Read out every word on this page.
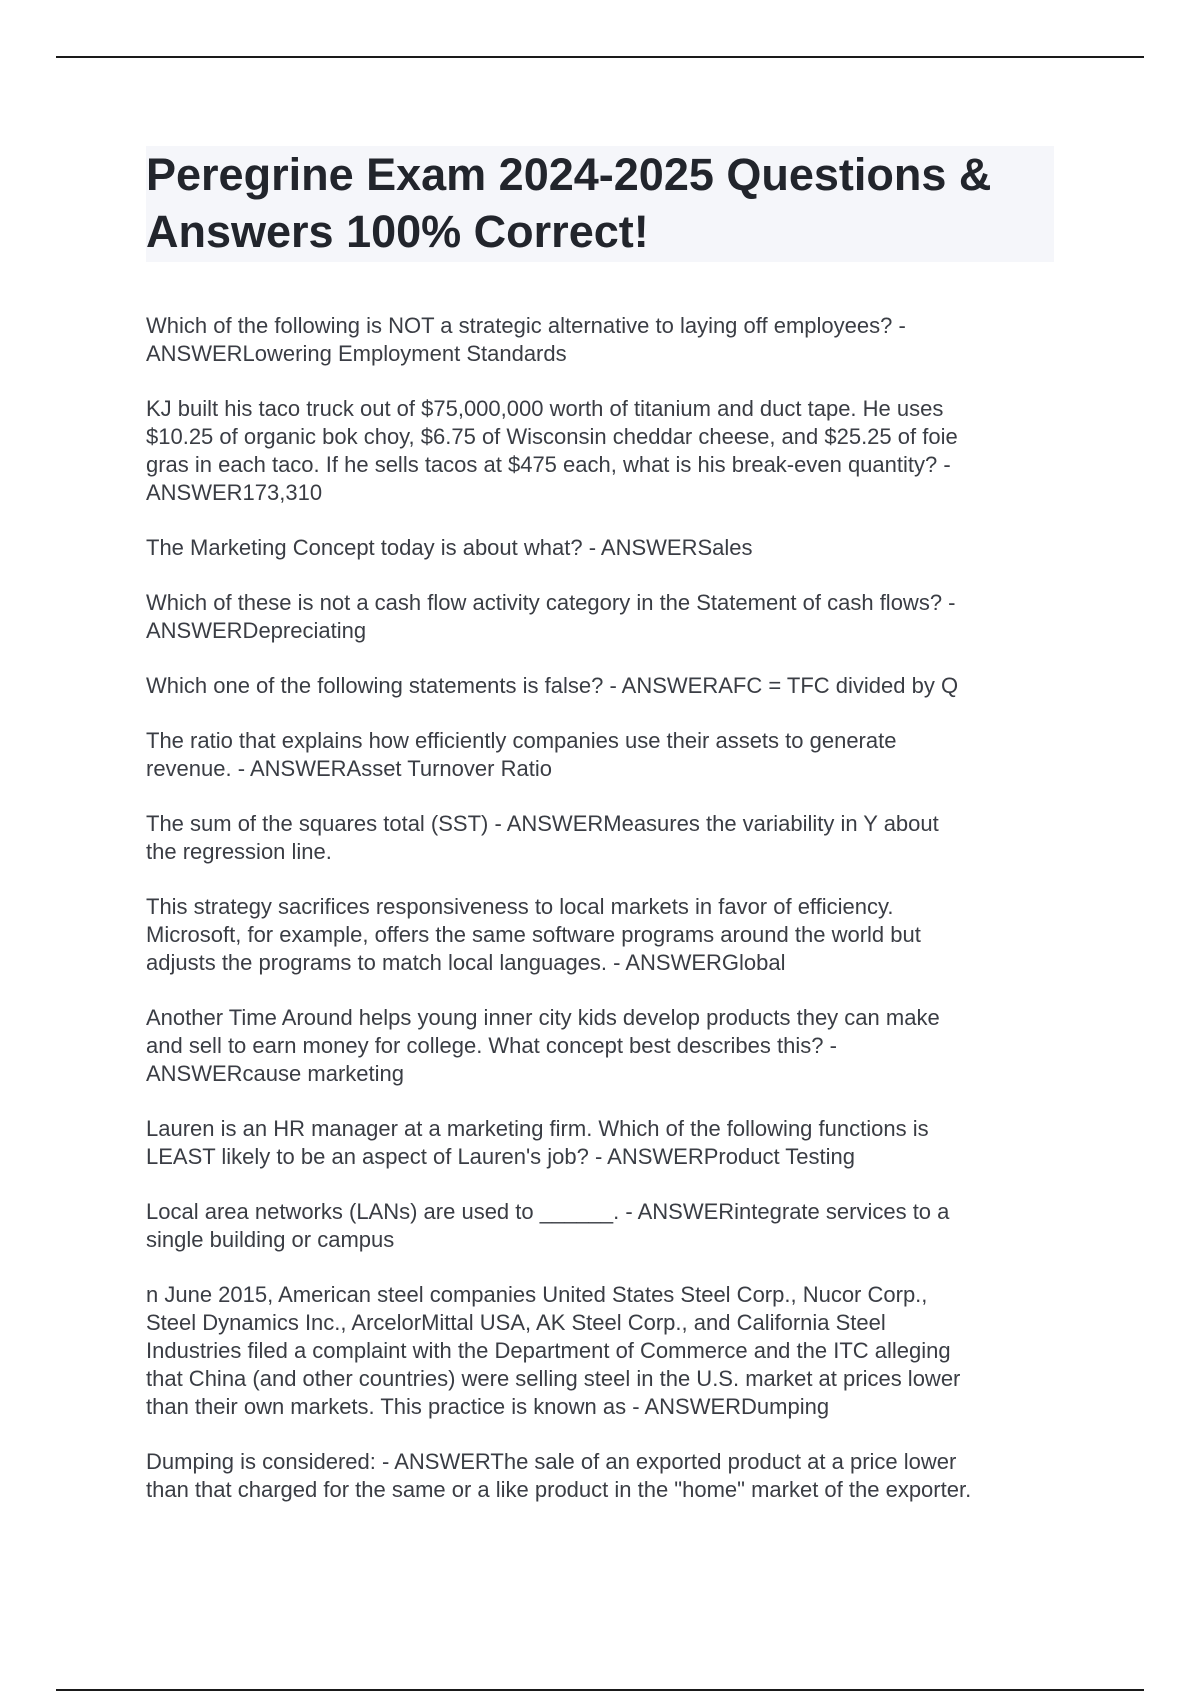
Peregrine Exam 2024-2025 Questions & Answers 100% Correct!

Which of the following is NOT a strategic alternative to laying off employees? -
ANSWERLowering Employment Standards

KJ built his taco truck out of $75,000,000 worth of titanium and duct tape. He uses
$10.25 of organic bok choy, $6.75 of Wisconsin cheddar cheese, and $25.25 of foie
gras in each taco. If he sells tacos at $475 each, what is his break-even quantity? -
ANSWER173,310

The Marketing Concept today is about what? - ANSWERSales

Which of these is not a cash flow activity category in the Statement of cash flows? -
ANSWERDepreciating

Which one of the following statements is false? - ANSWERAFC = TFC divided by Q

The ratio that explains how efficiently companies use their assets to generate
revenue. - ANSWERAsset Turnover Ratio

The sum of the squares total (SST) - ANSWERMeasures the variability in Y about
the regression line.

This strategy sacrifices responsiveness to local markets in favor of efficiency.
Microsoft, for example, offers the same software programs around the world but
adjusts the programs to match local languages. - ANSWERGlobal

Another Time Around helps young inner city kids develop products they can make
and sell to earn money for college. What concept best describes this? -
ANSWERcause marketing

Lauren is an HR manager at a marketing firm. Which of the following functions is
LEAST likely to be an aspect of Lauren's job? - ANSWERProduct Testing

Local area networks (LANs) are used to ______. - ANSWERintegrate services to a
single building or campus

n June 2015, American steel companies United States Steel Corp., Nucor Corp.,
Steel Dynamics Inc., ArcelorMittal USA, AK Steel Corp., and California Steel
Industries filed a complaint with the Department of Commerce and the ITC alleging
that China (and other countries) were selling steel in the U.S. market at prices lower
than their own markets. This practice is known as - ANSWERDumping

Dumping is considered: - ANSWERThe sale of an exported product at a price lower
than that charged for the same or a like product in the "home" market of the exporter.
